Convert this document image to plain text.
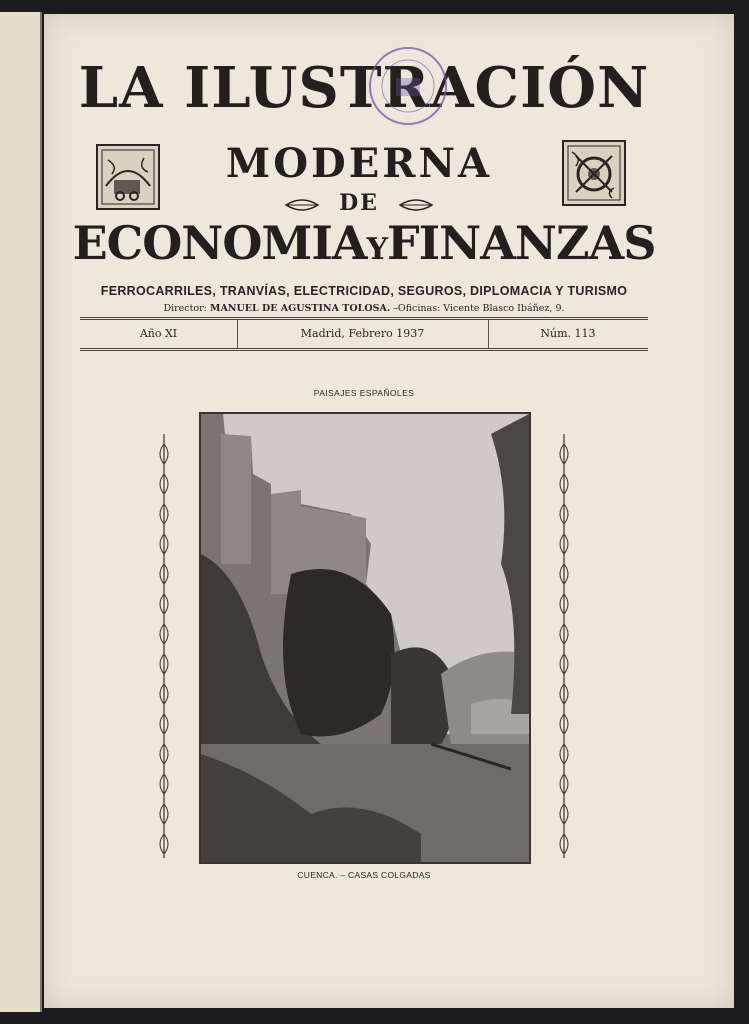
LA ILUSTRACIÓN
MODERNA
DE
ECONOMIAYFINANZAS
FERROCARRILES, TRANVÍAS, ELECTRICIDAD, SEGUROS, DIPLOMACIA Y TURISMO
Director: MANUEL DE AGUSTINA TOLOSA. –Oficinas: Vicente Blasco Ibáñez, 9.
Año XI	Madrid, Febrero 1937	Núm. 113
PAISAJES ESPAÑOLES
CUENCA. – CASAS COLGADAS
